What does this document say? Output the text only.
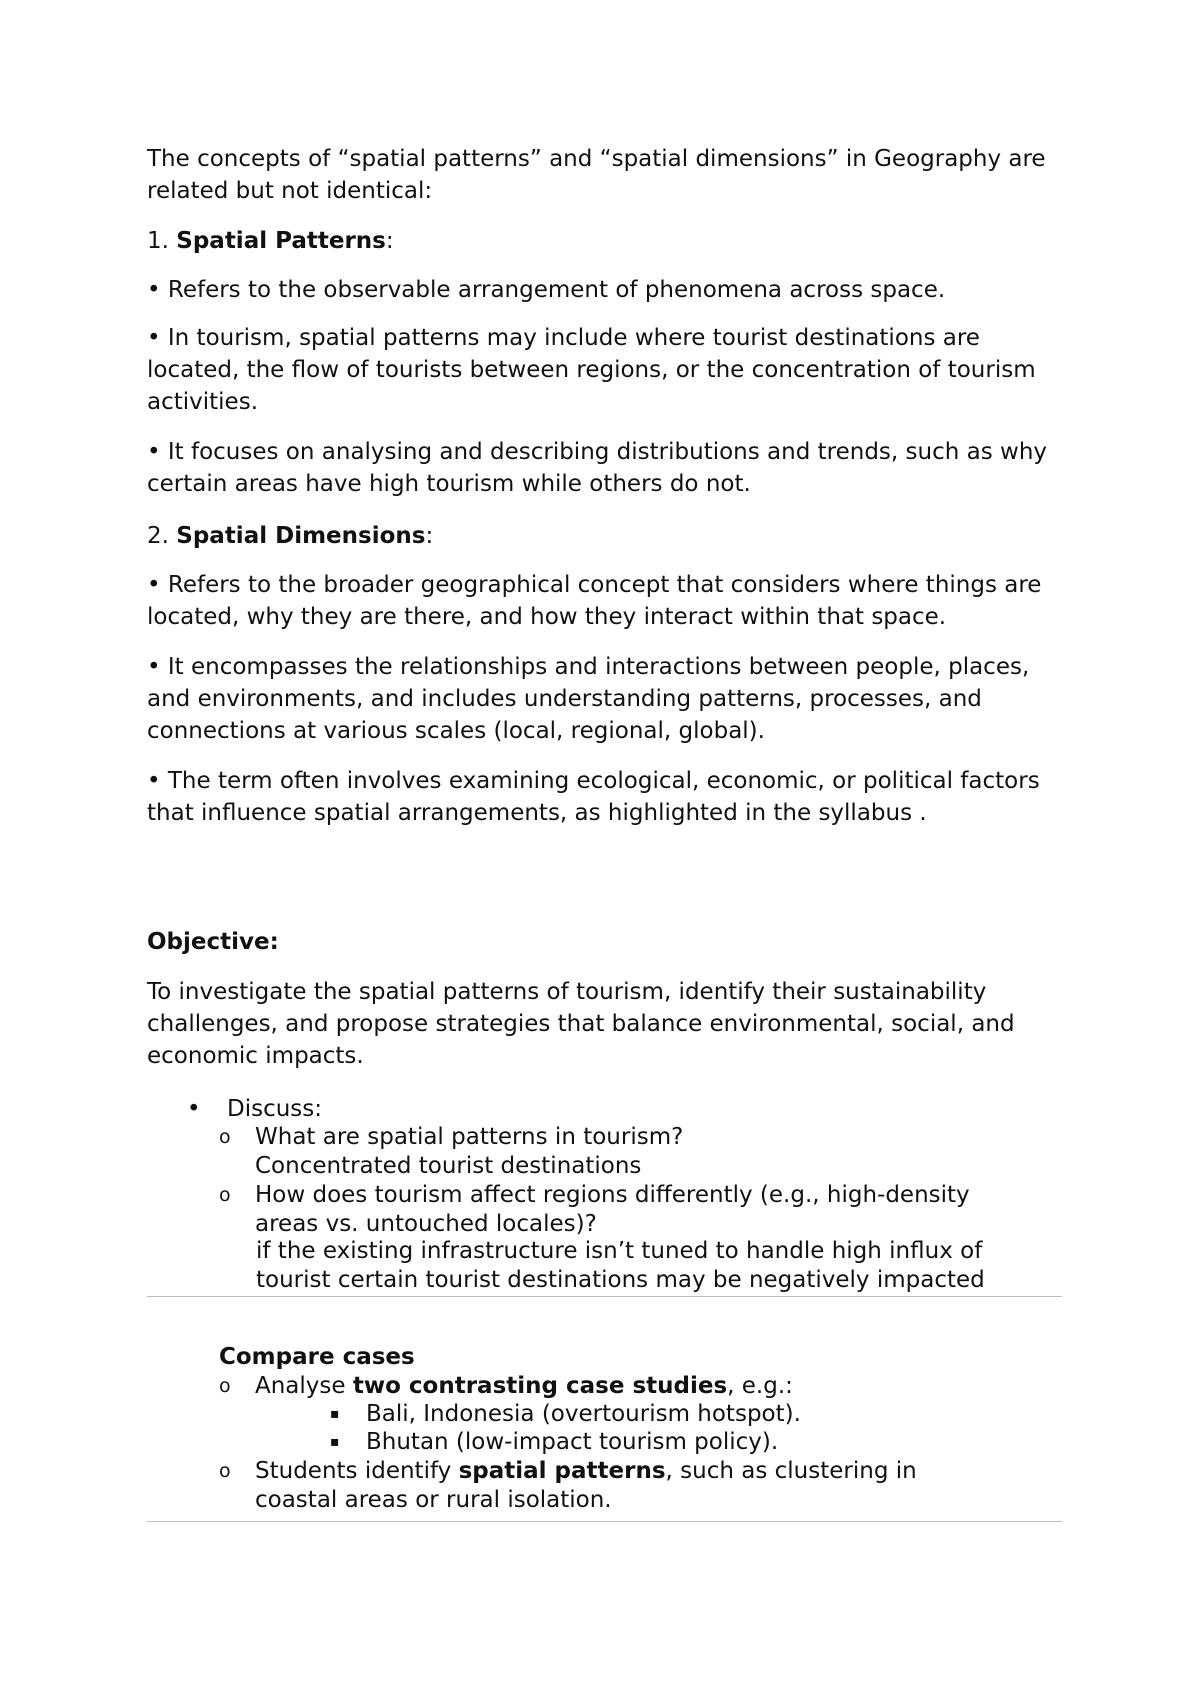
The concepts of “spatial patterns” and “spatial dimensions” in Geography are related but not identical:

1. Spatial Patterns:

• Refers to the observable arrangement of phenomena across space.

• In tourism, spatial patterns may include where tourist destinations are located, the flow of tourists between regions, or the concentration of tourism activities.

• It focuses on analysing and describing distributions and trends, such as why certain areas have high tourism while others do not.

2. Spatial Dimensions:

• Refers to the broader geographical concept that considers where things are located, why they are there, and how they interact within that space.

• It encompasses the relationships and interactions between people, places, and environments, and includes understanding patterns, processes, and connections at various scales (local, regional, global).

• The term often involves examining ecological, economic, or political factors that influence spatial arrangements, as highlighted in the syllabus .

Objective:

To investigate the spatial patterns of tourism, identify their sustainability challenges, and propose strategies that balance environmental, social, and economic impacts.

• Discuss:

o What are spatial patterns in tourism?

Concentrated tourist destinations

o How does tourism affect regions differently (e.g., high-density

areas vs. untouched locales)?

if the existing infrastructure isn’t tuned to handle high influx of tourist certain tourist destinations may be negatively impacted

Compare cases

o Analyse two contrasting case studies, e.g.:
▪ Bali, Indonesia (overtourism hotspot).
▪ Bhutan (low-impact tourism policy).
o Students identify spatial patterns, such as clustering in

coastal areas or rural isolation.
